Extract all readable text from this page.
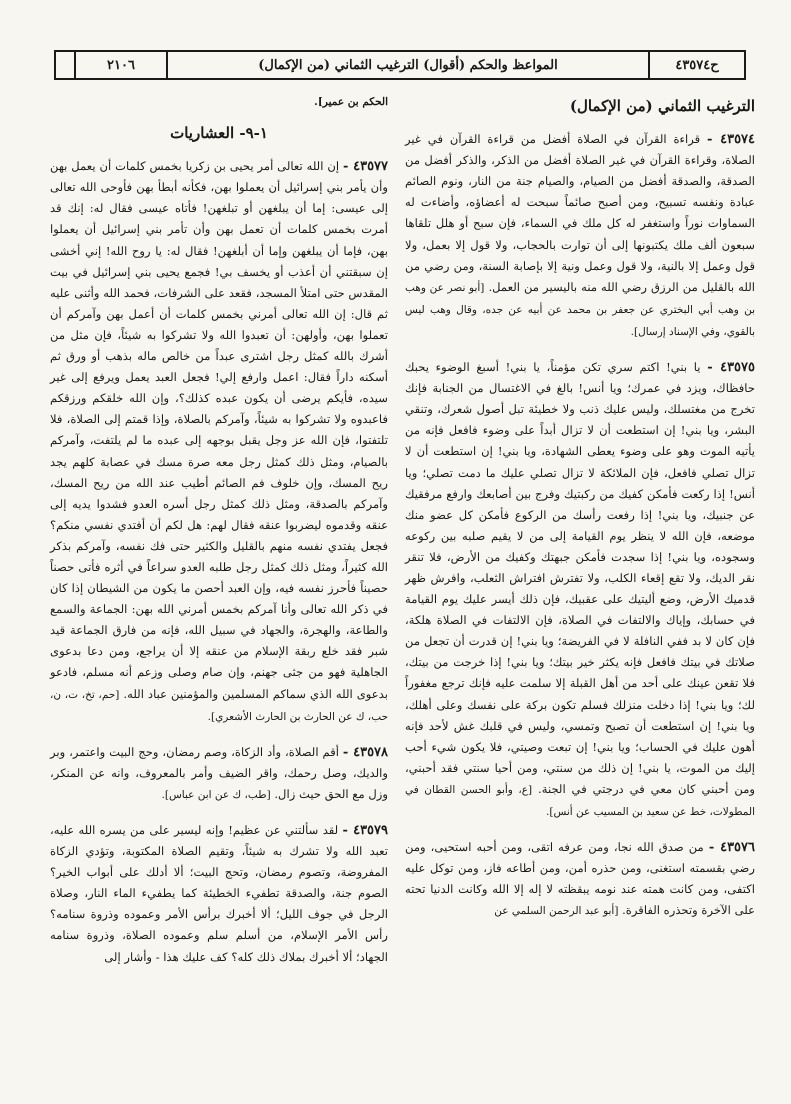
ح٤٣٥٧٤
المواعظ والحكم (أقوال) الترغيب الثماني (من الإكمال)
٢١٠٦
الترغيب الثماني (من الإكمال)
٤٣٥٧٤ - قراءة القرآن في الصلاة أفضل من قراءة القرآن في غير الصلاة، وقراءة القرآن في غير الصلاة أفضل من الذكر، والذكر أفضل من الصدقة، والصدقة أفضل من الصيام، والصيام جنة من النار، ونوم الصائم عبادة ونفسه تسبيح، ومن أصبح صائماً سبحت له أعضاؤه، وأضاءت له السماوات نوراً واستغفر له كل ملك في السماء، فإن سبح أو هلل تلقاها سبعون ألف ملك يكتبونها إلى أن توارت بالحجاب، ولا قول إلا بعمل، ولا قول وعمل إلا بالنية، ولا قول وعمل ونية إلا بإصابة السنة، ومن رضي من الله بالقليل من الرزق رضي الله منه باليسير من العمل. [أبو نصر عن وهب بن وهب أبي البختري عن جعفر بن محمد عن أبيه عن جده، وقال وهب ليس بالقوي، وفي الإسناد إرسال].
٤٣٥٧٥ - يا بني! اكتم سري تكن مؤمناً، يا بني! أسبغ الوضوء يحبك حافظاك، ويزد في عمرك؛ ويا أنس! بالغ في الاغتسال من الجنابة فإنك تخرج من مغتسلك، وليس عليك ذنب ولا خطيئة تبل أصول شعرك، وتنقي البشر، ويا بني! إن استطعت أن لا تزال أبداً على وضوء فافعل فإنه من يأتيه الموت وهو على وضوء يعطى الشهادة، ويا بني! إن استطعت أن لا تزال تصلي فافعل، فإن الملائكة لا تزال تصلي عليك ما دمت تصلي؛ ويا أنس! إذا ركعت فأمكن كفيك من ركبتيك وفرج بين أصابعك وارفع مرفقيك عن جنبيك، ويا بني! إذا رفعت رأسك من الركوع فأمكن كل عضو منك موضعه، فإن الله لا ينظر يوم القيامة إلى من لا يقيم صلبه بين ركوعه وسجوده، ويا بني! إذا سجدت فأمكن جبهتك وكفيك من الأرض، فلا تنقر نقر الديك، ولا تقع إقعاء الكلب، ولا تفترش افتراش الثعلب، وافرش ظهر قدميك الأرض، وضع أليتيك على عقبيك، فإن ذلك أيسر عليك يوم القيامة في حسابك، وإياك والالتفات في الصلاة، فإن الالتفات في الصلاة هلكة، فإن كان لا بد ففي النافلة لا في الفريضة؛ ويا بني! إن قدرت أن تجعل من صلاتك في بيتك فافعل فإنه يكثر خير بيتك؛ ويا بني! إذا خرجت من بيتك، فلا تقعن عينك على أحد من أهل القبلة إلا سلمت عليه فإنك ترجع مغفوراً لك؛ ويا بني! إذا دخلت منزلك فسلم تكون بركة على نفسك وعلى أهلك، ويا بني! إن استطعت أن تصبح وتمسي، وليس في قلبك غش لأحد فإنه أهون عليك في الحساب؛ ويا بني! إن تبعت وصيتي، فلا يكون شيء أحب إليك من الموت، يا بني! إن ذلك من سنتي، ومن أحيا سنتي فقد أحبني، ومن أحبني كان معي في درجتي في الجنة. [ع، وأبو الحسن القطان في المطولات، خط عن سعيد بن المسيب عن أنس].
٤٣٥٧٦ - من صدق الله نجا، ومن عرفه اتقى، ومن أحبه استحيى، ومن رضي بقسمته استغنى، ومن حذره أمن، ومن أطاعه فاز، ومن توكل عليه اكتفى، ومن كانت همته عند نومه يبقظته لا إله إلا الله وكانت الدنيا تحته على الآخرة وتحذره الفاقرة. [أبو عبد الرحمن السلمي عن
الحكم بن عمير].
١-٩- العشاريات
٤٣٥٧٧ - إن الله تعالى أمر يحيى بن زكريا بخمس كلمات أن يعمل بهن وأن يأمر بني إسرائيل أن يعملوا بهن، فكأنه أبطأ بهن فأوحى الله تعالى إلى عيسى: إما أن يبلغهن أو تبلغهن! فأتاه عيسى فقال له: إنك قد أمرت بخمس كلمات أن تعمل بهن وأن تأمر بني إسرائيل أن يعملوا بهن، فإما أن يبلغهن وإما أن أبلغهن! فقال له: يا روح الله! إني أخشى إن سبقتني أن أعذب أو يخسف بي! فجمع يحيى بني إسرائيل في بيت المقدس حتى امتلأ المسجد، فقعد على الشرفات، فحمد الله وأثنى عليه ثم قال: إن الله تعالى أمرني بخمس كلمات أن أعمل بهن وآمركم أن تعملوا بهن، وأولهن: أن تعبدوا الله ولا تشركوا به شيئاً، فإن مثل من أشرك بالله كمثل رجل اشترى عبداً من خالص ماله بذهب أو ورق ثم أسكنه داراً فقال: اعمل وارفع إلي! فجعل العبد يعمل ويرفع إلى غير سيده، فأيكم يرضى أن يكون عبده كذلك؟، وإن الله خلقكم ورزقكم فاعبدوه ولا تشركوا به شيئاً، وآمركم بالصلاة، وإذا قمتم إلى الصلاة، فلا تلتفتوا، فإن الله عز وجل يقبل بوجهه إلى عبده ما لم يلتفت، وآمركم بالصيام، ومثل ذلك كمثل رجل معه صرة مسك في عصابة كلهم يجد ريح المسك، وإن خلوف فم الصائم أطيب عند الله من ريح المسك، وآمركم بالصدقة، ومثل ذلك كمثل رجل أسره العدو فشدوا يديه إلى عنقه وقدموه ليضربوا عنقه فقال لهم: هل لكم أن أفتدي نفسي منكم؟ فجعل يفتدي نفسه منهم بالقليل والكثير حتى فك نفسه، وآمركم بذكر الله كثيراً، ومثل ذلك كمثل رجل طلبه العدو سراعاً في أثره فأتى حصناً حصيناً فأحرز نفسه فيه، وإن العبد أحصن ما يكون من الشيطان إذا كان في ذكر الله تعالى وأنا آمركم بخمس أمرني الله بهن: الجماعة والسمع والطاعة، والهجرة، والجهاد في سبيل الله، فإنه من فارق الجماعة قيد شبر فقد خلع ربقة الإسلام من عنقه إلا أن يراجع، ومن دعا بدعوى الجاهلية فهو من جثى جهنم، وإن صام وصلى وزعم أنه مسلم، فادعو بدعوى الله الذي سماكم المسلمين والمؤمنين عباد الله. [حم، تخ، ت، ن، حب، ك عن الحارث بن الحارث الأشعري].
٤٣٥٧٨ - أقم الصلاة، وأد الزكاة، وصم رمضان، وحج البيت واعتمر، وبر والديك، وصل رحمك، واقر الضيف وأمر بالمعروف، وانه عن المنكر، وزل مع الحق حيث زال. [طب، ك عن ابن عباس].
٤٣٥٧٩ - لقد سألتني عن عظيم! وإنه ليسير على من يسره الله عليه، تعبد الله ولا تشرك به شيئاً، وتقيم الصلاة المكتوبة، وتؤدي الزكاة المفروضة، وتصوم رمضان، وتحج البيت؛ ألا أدلك على أبواب الخير؟ الصوم جنة، والصدقة تطفيء الخطيئة كما يطفيء الماء النار، وصلاة الرجل في جوف الليل؛ ألا أخبرك برأس الأمر وعموده وذروة سنامه؟ رأس الأمر الإسلام، من أسلم سلم وعموده الصلاة، وذروة سنامه الجهاد؛ ألا أخبرك بملاك ذلك كله؟ كف عليك هذا - وأشار إلى
